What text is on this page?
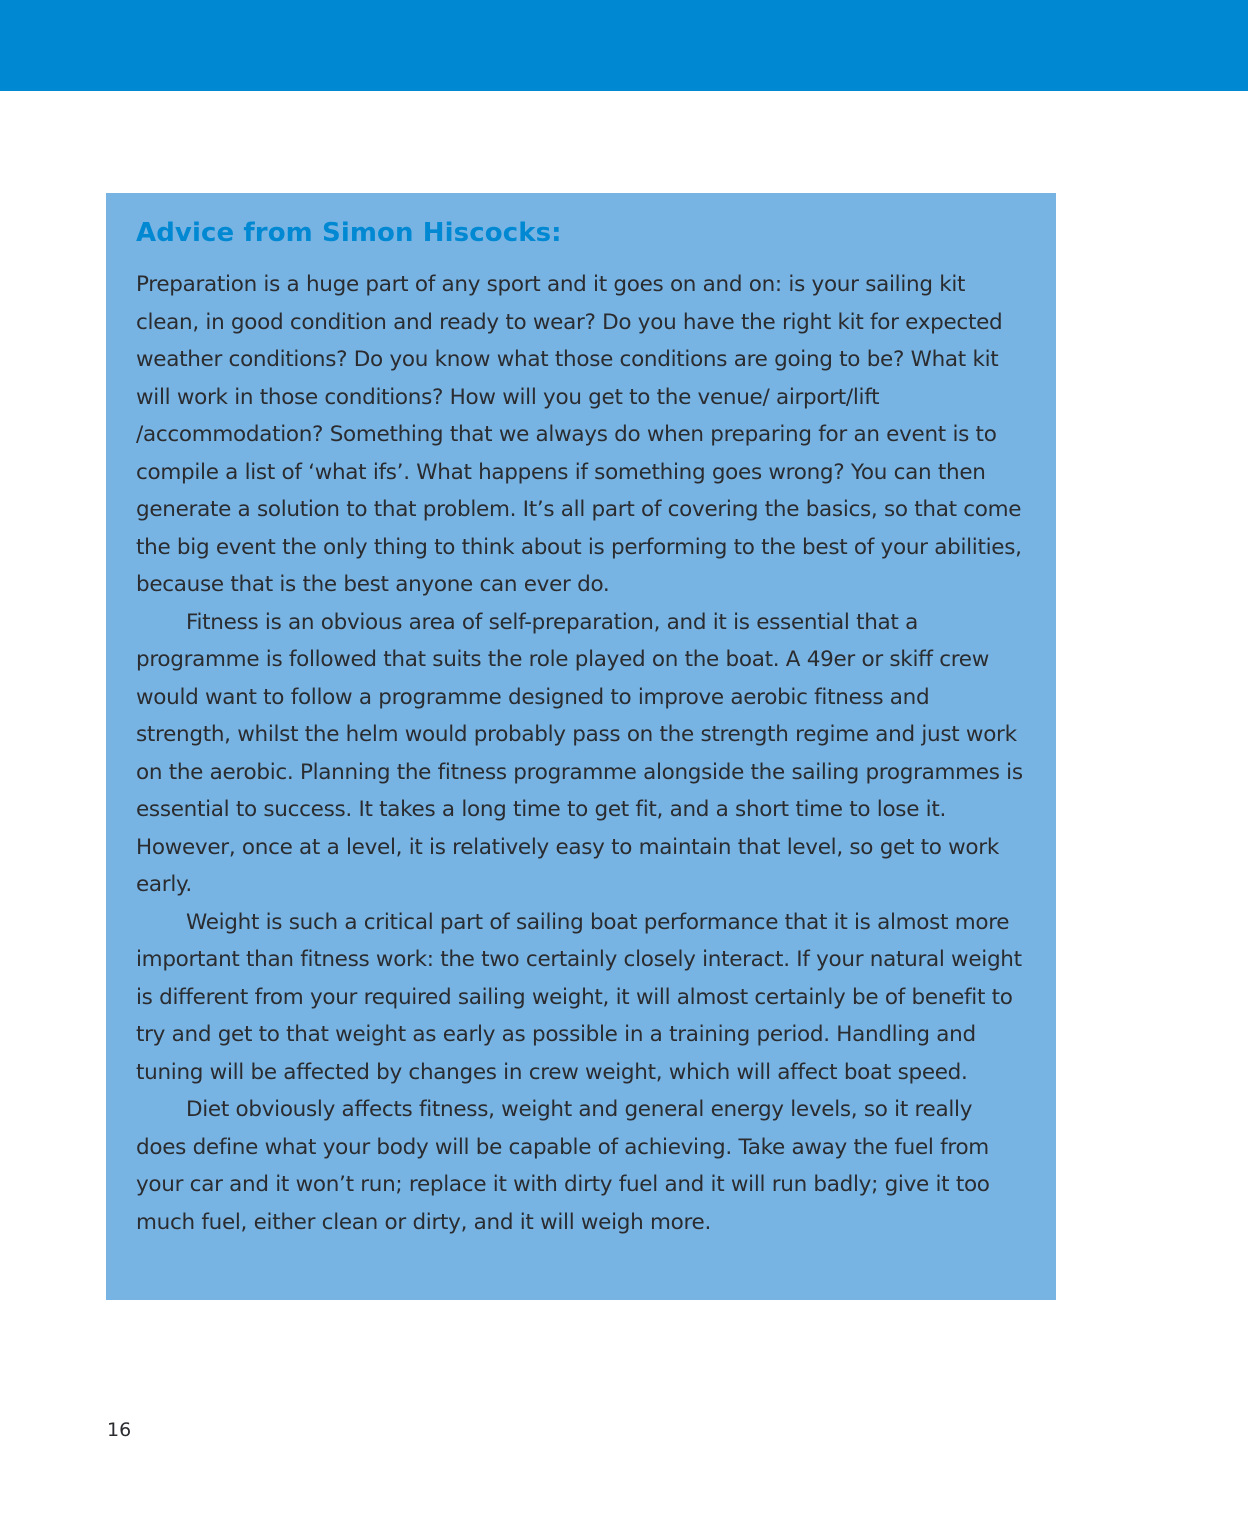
Advice from Simon Hiscocks:

Preparation is a huge part of any sport and it goes on and on: is your sailing kit clean, in good condition and ready to wear? Do you have the right kit for expected weather conditions? Do you know what those conditions are going to be? What kit will work in those conditions? How will you get to the venue/ airport/lift /accommodation? Something that we always do when preparing for an event is to compile a list of ‘what ifs’. What happens if something goes wrong? You can then generate a solution to that problem. It’s all part of covering the basics, so that come the big event the only thing to think about is performing to the best of your abilities, because that is the best anyone can ever do.

Fitness is an obvious area of self-preparation, and it is essential that a programme is followed that suits the role played on the boat. A 49er or skiff crew would want to follow a programme designed to improve aerobic fitness and strength, whilst the helm would probably pass on the strength regime and just work on the aerobic. Planning the fitness programme alongside the sailing programmes is essential to success. It takes a long time to get fit, and a short time to lose it. However, once at a level, it is relatively easy to maintain that level, so get to work early.

Weight is such a critical part of sailing boat performance that it is almost more important than fitness work: the two certainly closely interact. If your natural weight is different from your required sailing weight, it will almost certainly be of benefit to try and get to that weight as early as possible in a training period. Handling and tuning will be affected by changes in crew weight, which will affect boat speed.

Diet obviously affects fitness, weight and general energy levels, so it really does define what your body will be capable of achieving. Take away the fuel from your car and it won’t run; replace it with dirty fuel and it will run badly; give it too much fuel, either clean or dirty, and it will weigh more.

16
